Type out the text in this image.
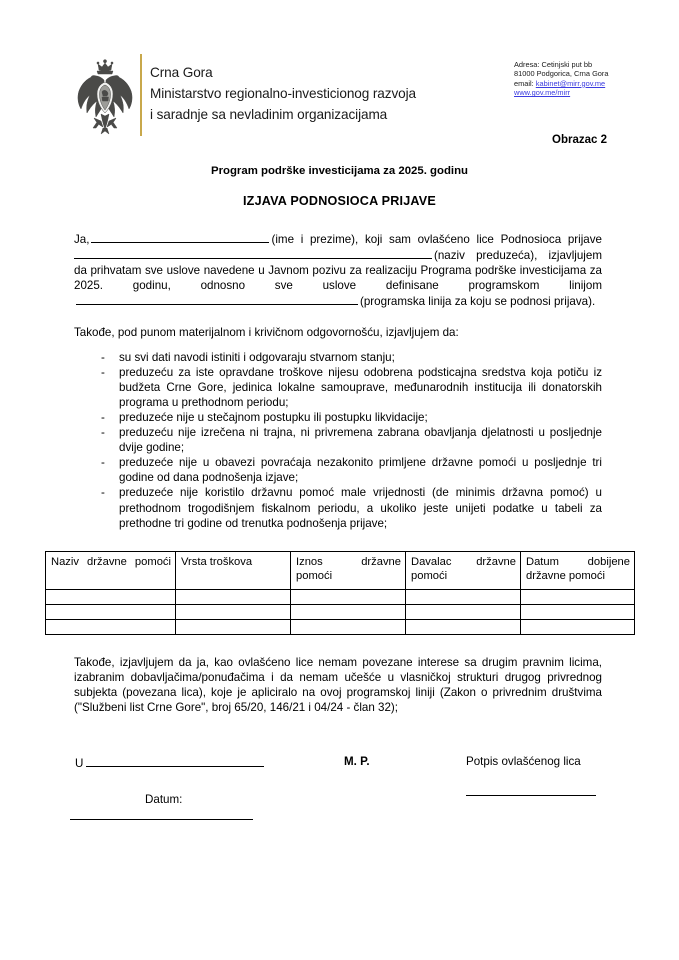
Crna Gora
Ministarstvo regionalno-investicionog razvoja
i saradnje sa nevladinim organizacijama
Adresa: Cetinjski put bb
81000 Podgorica, Crna Gora
email: kabinet@mirr.gov.me
www.gov.me/mirr
Obrazac 2
Program podrške investicijama za 2025. godinu
IZJAVA PODNOSIOCA PRIJAVE

Ja,	(ime i prezime), koji sam ovlašćeno lice Podnosioca prijave(naziv preduzeća), izjavljujem da prihvatam sve uslove navedene u Javnom pozivu za realizaciju Programa podrške investicijama za 2025. godinu, odnosno sve uslove definisane programskom linijom(programska linija za koju se podnosi prijava).

Takođe, pod punom materijalnom i krivičnom odgovornošću, izjavljujem da:

- su svi dati navodi istiniti i odgovaraju stvarnom stanju;
- preduzeću za iste opravdane troškove nijesu odobrena podsticajna sredstva koja potiču iz budžeta Crne Gore, jedinica lokalne samouprave, međunarodnih institucija ili donatorskih programa u prethodnom periodu;
- preduzeće nije u stečajnom postupku ili postupku likvidacije;
- preduzeću nije izrečena ni trajna, ni privremena zabrana obavljanja djelatnosti u posljednje dvije godine;
- preduzeće nije u obavezi povraćaja nezakonito primljene državne pomoći u posljednje tri godine od dana podnošenja izjave;
- preduzeće nije koristilo državnu pomoć male vrijednosti (de minimis državna pomoć) u prethodnom trogodišnjem fiskalnom periodu, a ukoliko jeste unijeti podatke u tabeli za prethodne tri godine od trenutka podnošenja prijave;
Naziv državne pomoći	Vrsta troškova	Iznos državne pomoći	Davalac državne pomoći	Datum dobijene državne pomoći

Takođe, izjavljujem da ja, kao ovlašćeno lice nemam povezane interese sa drugim pravnim licima, izabranim dobavljačima/ponuđačima i da nemam učešće u vlasničkoj strukturi drugog privrednog subjekta (povezana lica), koje je apliciralo na ovoj programskoj liniji (Zakon o privrednim društvima ("Službeni list Crne Gore", broj 65/20, 146/21 i 04/24 - član 32);

U	M. P.	Potpis ovlašćenog lica
Datum:
